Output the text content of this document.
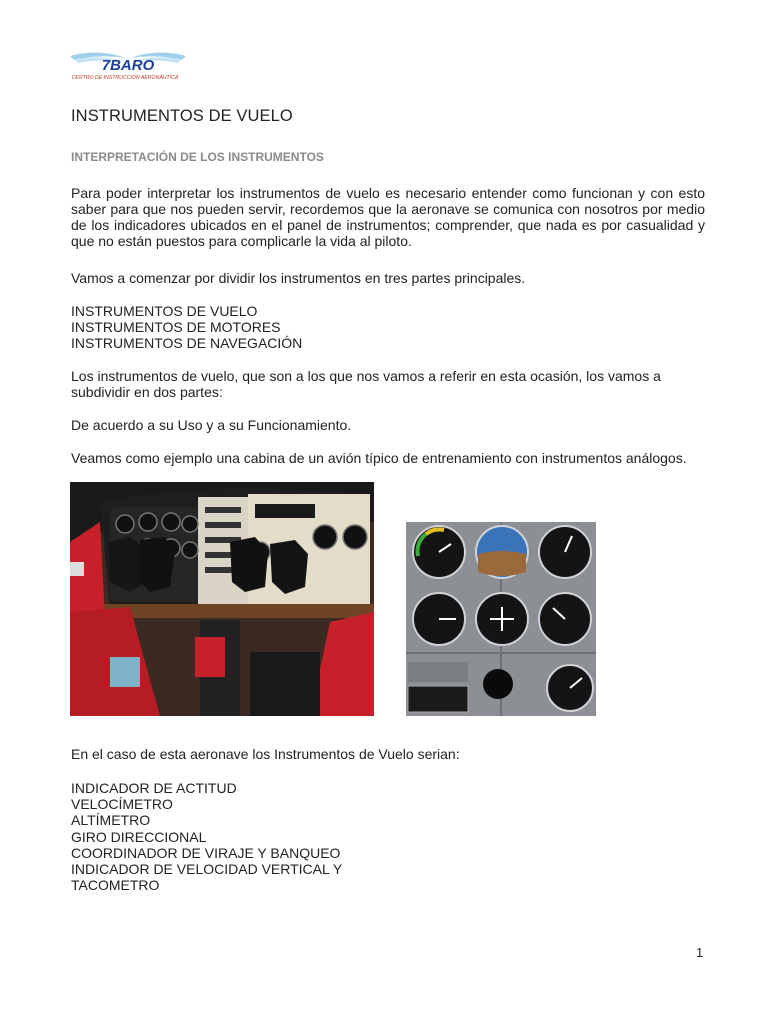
7BARO
CENTRO DE INSTRUCCIÓN AERONÁUTICA
INSTRUMENTOS DE VUELO
INTERPRETACIÓN DE LOS INSTRUMENTOS
Para poder interpretar los instrumentos de vuelo es necesario entender como funcionan y con esto saber para que nos pueden servir, recordemos que la aeronave se comunica con nosotros por medio de los indicadores ubicados en el panel de instrumentos; comprender, que nada es por casualidad y que no están puestos para complicarle la vida al piloto.
Vamos a comenzar por dividir los instrumentos en tres partes principales.
INSTRUMENTOS DE VUELO
INSTRUMENTOS DE MOTORES
INSTRUMENTOS DE NAVEGACIÓN
Los instrumentos de vuelo, que son a los que nos vamos a referir en esta ocasión, los vamos a subdividir en dos partes:
De acuerdo a su Uso y a su Funcionamiento.
Veamos como ejemplo una cabina de un avión típico de entrenamiento con instrumentos análogos.
En el caso de esta aeronave los Instrumentos de Vuelo serian:
INDICADOR DE ACTITUD
VELOCÍMETRO
ALTÍMETRO
GIRO DIRECCIONAL
COORDINADOR DE VIRAJE Y BANQUEO
INDICADOR DE VELOCIDAD VERTICAL Y
TACOMETRO
1
